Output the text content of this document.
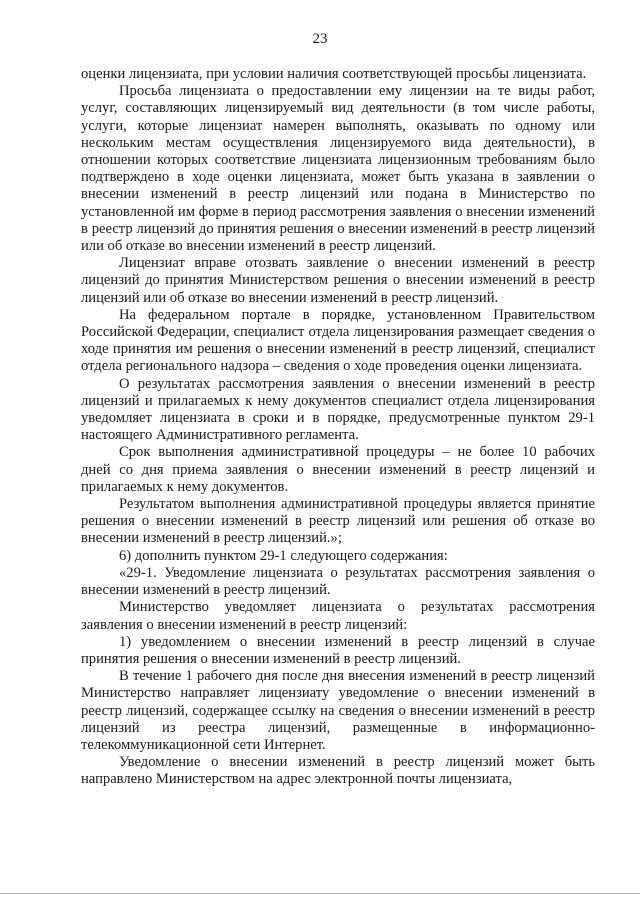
23

оценки лицензиата, при условии наличия соответствующей просьбы лицензиата.

Просьба лицензиата о предоставлении ему лицензии на те виды работ, услуг, составляющих лицензируемый вид деятельности (в том числе работы, услуги, которые лицензиат намерен выполнять, оказывать по одному или нескольким местам осуществления лицензируемого вида деятельности), в отношении которых соответствие лицензиата лицензионным требованиям было подтверждено в ходе оценки лицензиата, может быть указана в заявлении о внесении изменений в реестр лицензий или подана в Министерство по установленной им форме в период рассмотрения заявления о внесении изменений в реестр лицензий до принятия решения о внесении изменений в реестр лицензий или об отказе во внесении изменений в реестр лицензий.

Лицензиат вправе отозвать заявление о внесении изменений в реестр лицензий до принятия Министерством решения о внесении изменений в реестр лицензий или об отказе во внесении изменений в реестр лицензий.

На федеральном портале в порядке, установленном Правительством Российской Федерации, специалист отдела лицензирования размещает сведения о ходе принятия им решения о внесении изменений в реестр лицензий, специалист отдела регионального надзора – сведения о ходе проведения оценки лицензиата.

О результатах рассмотрения заявления о внесении изменений в реестр лицензий и прилагаемых к нему документов специалист отдела лицензирования уведомляет лицензиата в сроки и в порядке, предусмотренные пунктом 29-1 настоящего Административного регламента.

Срок выполнения административной процедуры – не более 10 рабочих дней со дня приема заявления о внесении изменений в реестр лицензий и прилагаемых к нему документов.

Результатом выполнения административной процедуры является принятие решения о внесении изменений в реестр лицензий или решения об отказе во внесении изменений в реестр лицензий.»;

6) дополнить пунктом 29-1 следующего содержания:

«29-1. Уведомление лицензиата о результатах рассмотрения заявления о внесении изменений в реестр лицензий.

Министерство уведомляет лицензиата о результатах рассмотрения заявления о внесении изменений в реестр лицензий:

1) уведомлением о внесении изменений в реестр лицензий в случае принятия решения о внесении изменений в реестр лицензий.

В течение 1 рабочего дня после дня внесения изменений в реестр лицензий Министерство направляет лицензиату уведомление о внесении изменений в реестр лицензий, содержащее ссылку на сведения о внесении изменений в реестр лицензий из реестра лицензий, размещенные в информационно-телекоммуникационной сети Интернет.

Уведомление о внесении изменений в реестр лицензий может быть направлено Министерством на адрес электронной почты лицензиата,
